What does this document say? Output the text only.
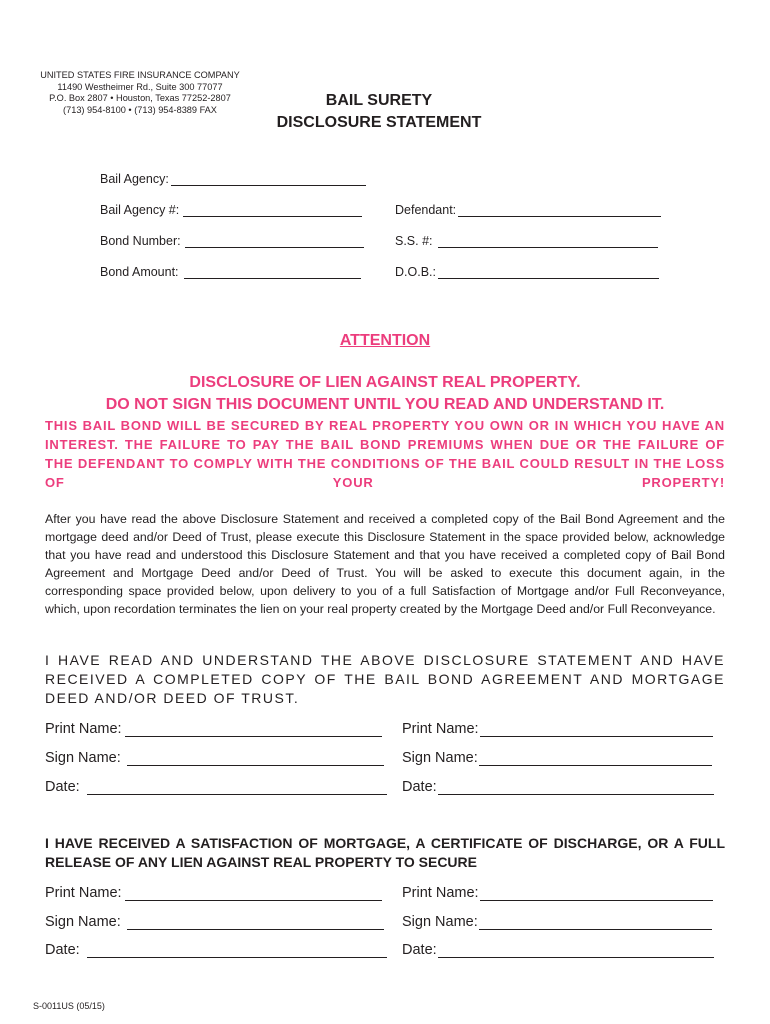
UNITED STATES FIRE INSURANCE COMPANY
11490 Westheimer Rd., Suite 300 77077
P.O. Box 2807 • Houston, Texas 77252-2807
(713) 954-8100 • (713) 954-8389 FAX
BAIL SURETY
DISCLOSURE STATEMENT
Bail Agency:
Bail Agency #:	Defendant:
Bond Number:	S.S. #:
Bond Amount:	D.O.B.:
ATTENTION
DISCLOSURE OF LIEN AGAINST REAL PROPERTY.
DO NOT SIGN THIS DOCUMENT UNTIL YOU READ AND UNDERSTAND IT.
THIS BAIL BOND WILL BE SECURED BY REAL PROPERTY YOU OWN OR IN WHICH YOU HAVE AN INTEREST. THE FAILURE TO PAY THE BAIL BOND PREMIUMS WHEN DUE OR THE FAILURE OF THE DEFENDANT TO COMPLY WITH THE CONDITIONS OF THE BAIL COULD RESULT IN THE LOSS OF YOUR PROPERTY!
After you have read the above Disclosure Statement and received a completed copy of the Bail Bond Agreement and the mortgage deed and/or Deed of Trust, please execute this Disclosure Statement in the space provided below, acknowledge that you have read and understood this Disclosure Statement and that you have received a completed copy of Bail Bond Agreement and Mortgage Deed and/or Deed of Trust. You will be asked to execute this document again, in the corresponding space provided below, upon delivery to you of a full Satisfaction of Mortgage and/or Full Reconveyance, which, upon recordation terminates the lien on your real property created by the Mortgage Deed and/or Full Reconveyance.
I HAVE READ AND UNDERSTAND THE ABOVE DISCLOSURE STATEMENT AND HAVE RECEIVED A COMPLETED COPY OF THE BAIL BOND AGREEMENT AND MORTGAGE DEED AND/OR DEED OF TRUST.
Print Name:	Print Name:
Sign Name:	Sign Name:
Date:	Date:
I HAVE RECEIVED A SATISFACTION OF MORTGAGE, A CERTIFICATE OF DISCHARGE, OR A FULL RELEASE OF ANY LIEN AGAINST REAL PROPERTY TO SECURE
Print Name:	Print Name:
Sign Name:	Sign Name:
Date:	Date:
S-0011US (05/15)
